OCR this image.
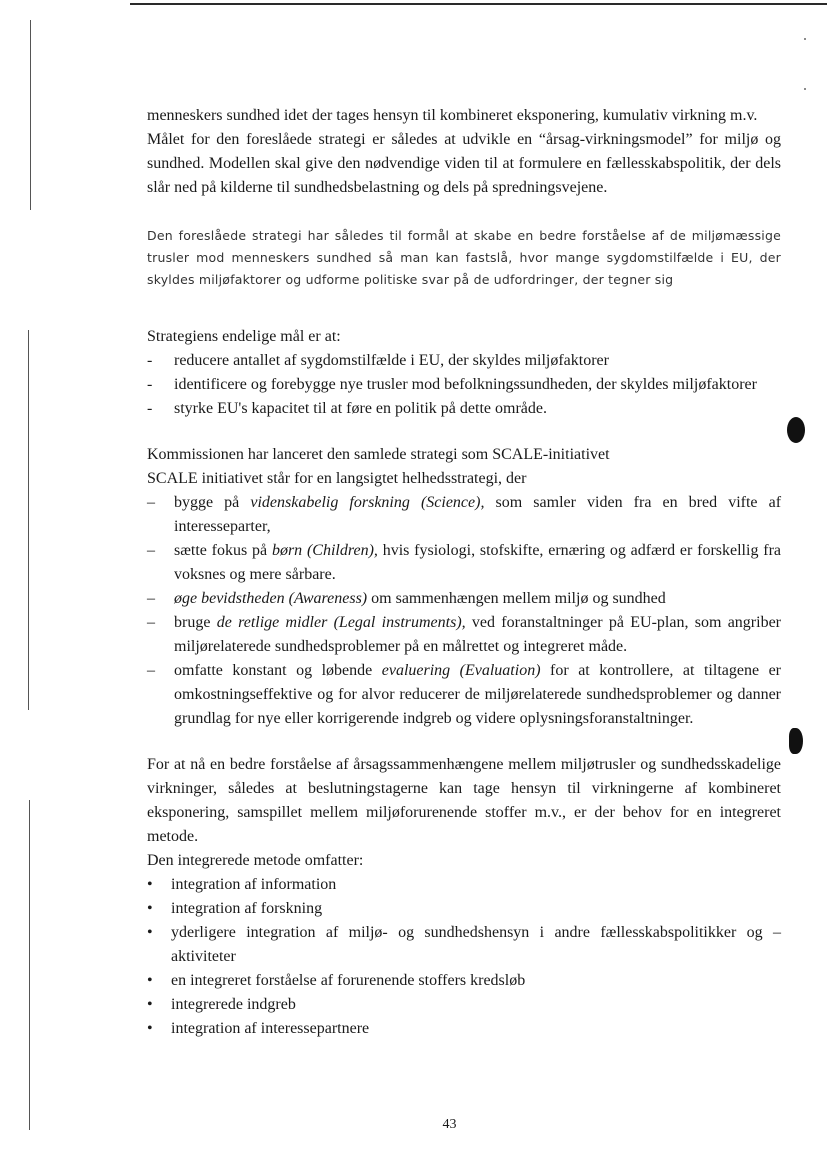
menneskers sundhed idet der tages hensyn til kombineret eksponering, kumulativ virkning m.v.

Målet for den foreslåede strategi er således at udvikle en “årsag-virkningsmodel” for miljø og sundhed. Modellen skal give den nødvendige viden til at formulere en fællesskabspolitik, der dels slår ned på kilderne til sundhedsbelastning og dels på spredningsvejene.

Den foreslåede strategi har således til formål at skabe en bedre forståelse af de miljømæssige trusler mod menneskers sundhed så man kan fastslå, hvor mange sygdomstilfælde i EU, der skyldes miljøfaktorer og udforme politiske svar på de udfordringer, der tegner sig

Strategiens endelige mål er at:

- reducere antallet af sygdomstilfælde i EU, der skyldes miljøfaktorer
- identificere og forebygge nye trusler mod befolkningssundheden, der skyldes miljøfaktorer
- styrke EU's kapacitet til at føre en politik på dette område.

Kommissionen har lanceret den samlede strategi som SCALE-initiativet

SCALE initiativet står for en langsigtet helhedsstrategi, der

– bygge på videnskabelig forskning (Science), som samler viden fra en bred vifte af interesseparter,
– sætte fokus på børn (Children), hvis fysiologi, stofskifte, ernæring og adfærd er forskellig fra voksnes og mere sårbare.
– øge bevidstheden (Awareness) om sammenhængen mellem miljø og sundhed
– bruge de retlige midler (Legal instruments), ved foranstaltninger på EU-plan, som angriber miljørelaterede sundhedsproblemer på en målrettet og integreret måde.
– omfatte konstant og løbende evaluering (Evaluation) for at kontrollere, at tiltagene er omkostningseffektive og for alvor reducerer de miljørelaterede sundhedsproblemer og danner grundlag for nye eller korrigerende indgreb og videre oplysningsforanstaltninger.

For at nå en bedre forståelse af årsagssammenhængene mellem miljøtrusler og sundhedsskadelige virkninger, således at beslutningstagerne kan tage hensyn til virkningerne af kombineret eksponering, samspillet mellem miljøforurenende stoffer m.v., er der behov for en integreret metode.

Den integrerede metode omfatter:

• integration af information
• integration af forskning
• yderligere integration af miljø- og sundhedshensyn i andre fællesskabspolitikker og –aktiviteter
• en integreret forståelse af forurenende stoffers kredsløb
• integrerede indgreb
• integration af interessepartnere
43
